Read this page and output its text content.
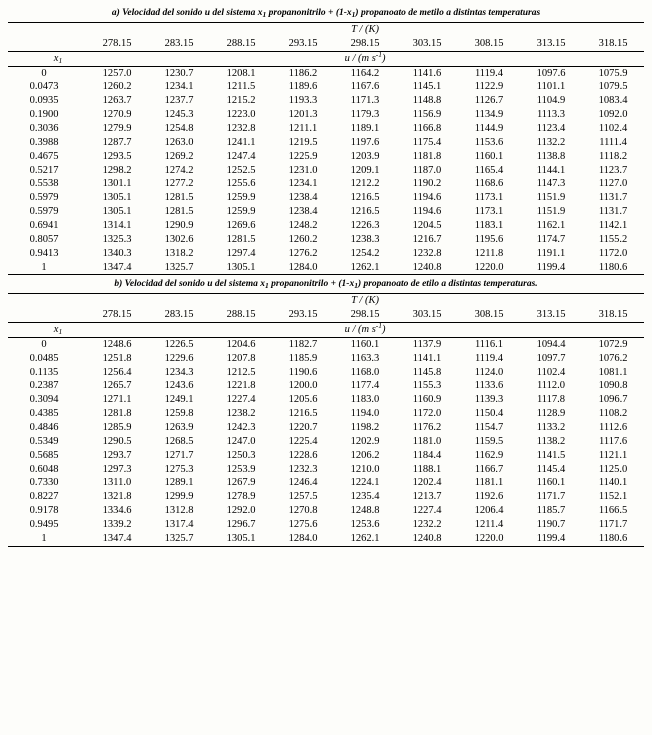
a) Velocidad del sonido u del sistema $x_1$ propanonitrilo + $(1-x_1)$ propanoato de metilo a distintas temperaturas
	T / (K)								
	278.15	283.15	288.15	293.15	298.15	303.15	308.15	313.15	318.15
$x_1$	u / (m $s^{-1}$)								
0	1257.0	1230.7	1208.1	1186.2	1164.2	1141.6	1119.4	1097.6	1075.9
0.0473	1260.2	1234.1	1211.5	1189.6	1167.6	1145.1	1122.9	1101.1	1079.5
0.0935	1263.7	1237.7	1215.2	1193.3	1171.3	1148.8	1126.7	1104.9	1083.4
0.1900	1270.9	1245.3	1223.0	1201.3	1179.3	1156.9	1134.9	1113.3	1092.0
0.3036	1279.9	1254.8	1232.8	1211.1	1189.1	1166.8	1144.9	1123.4	1102.4
0.3988	1287.7	1263.0	1241.1	1219.5	1197.6	1175.4	1153.6	1132.2	1111.4
0.4675	1293.5	1269.2	1247.4	1225.9	1203.9	1181.8	1160.1	1138.8	1118.2
0.5217	1298.2	1274.2	1252.5	1231.0	1209.1	1187.0	1165.4	1144.1	1123.7
0.5538	1301.1	1277.2	1255.6	1234.1	1212.2	1190.2	1168.6	1147.3	1127.0
0.5979	1305.1	1281.5	1259.9	1238.4	1216.5	1194.6	1173.1	1151.9	1131.7
0.5979	1305.1	1281.5	1259.9	1238.4	1216.5	1194.6	1173.1	1151.9	1131.7
0.6941	1314.1	1290.9	1269.6	1248.2	1226.3	1204.5	1183.1	1162.1	1142.1
0.8057	1325.3	1302.6	1281.5	1260.2	1238.3	1216.7	1195.6	1174.7	1155.2
0.9413	1340.3	1318.2	1297.4	1276.2	1254.2	1232.8	1211.8	1191.1	1172.0
1	1347.4	1325.7	1305.1	1284.0	1262.1	1240.8	1220.0	1199.4	1180.6
b) Velocidad del sonido u del sistema $x_1$ propanonitrilo + $(1-x_1)$ propanoato de etilo a distintas temperaturas.
	T / (K)								
	278.15	283.15	288.15	293.15	298.15	303.15	308.15	313.15	318.15
$x_1$	u / (m $s^{-1}$)								
0	1248.6	1226.5	1204.6	1182.7	1160.1	1137.9	1116.1	1094.4	1072.9
0.0485	1251.8	1229.6	1207.8	1185.9	1163.3	1141.1	1119.4	1097.7	1076.2
0.1135	1256.4	1234.3	1212.5	1190.6	1168.0	1145.8	1124.0	1102.4	1081.1
0.2387	1265.7	1243.6	1221.8	1200.0	1177.4	1155.3	1133.6	1112.0	1090.8
0.3094	1271.1	1249.1	1227.4	1205.6	1183.0	1160.9	1139.3	1117.8	1096.7
0.4385	1281.8	1259.8	1238.2	1216.5	1194.0	1172.0	1150.4	1128.9	1108.2
0.4846	1285.9	1263.9	1242.3	1220.7	1198.2	1176.2	1154.7	1133.2	1112.6
0.5349	1290.5	1268.5	1247.0	1225.4	1202.9	1181.0	1159.5	1138.2	1117.6
0.5685	1293.7	1271.7	1250.3	1228.6	1206.2	1184.4	1162.9	1141.5	1121.1
0.6048	1297.3	1275.3	1253.9	1232.3	1210.0	1188.1	1166.7	1145.4	1125.0
0.7330	1311.0	1289.1	1267.9	1246.4	1224.1	1202.4	1181.1	1160.1	1140.1
0.8227	1321.8	1299.9	1278.9	1257.5	1235.4	1213.7	1192.6	1171.7	1152.1
0.9178	1334.6	1312.8	1292.0	1270.8	1248.8	1227.4	1206.4	1185.7	1166.5
0.9495	1339.2	1317.4	1296.7	1275.6	1253.6	1232.2	1211.4	1190.7	1171.7
1	1347.4	1325.7	1305.1	1284.0	1262.1	1240.8	1220.0	1199.4	1180.6
